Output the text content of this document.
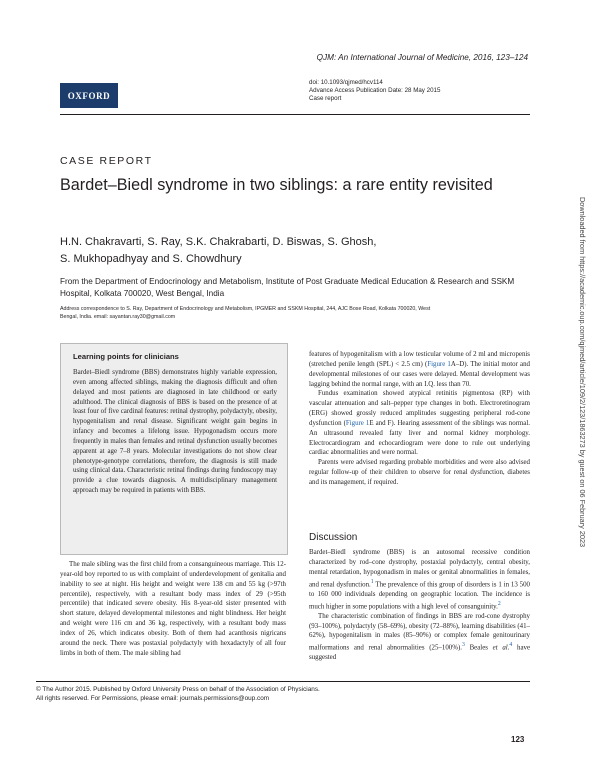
OXFORD
QJM: An International Journal of Medicine, 2016, 123–124
doi: 10.1093/qjmed/hcv114
Advance Access Publication Date: 28 May 2015
Case report
CASE REPORT
Bardet–Biedl syndrome in two siblings: a rare entity revisited
H.N. Chakravarti, S. Ray, S.K. Chakrabarti, D. Biswas, S. Ghosh,
S. Mukhopadhyay and S. Chowdhury
From the Department of Endocrinology and Metabolism, Institute of Post Graduate Medical Education & Research and SSKM Hospital, Kolkata 700020, West Bengal, India
Address correspondence to S. Ray, Department of Endocrinology and Metabolism, IPGMER and SSKM Hospital, 244, AJC Bose Road, Kolkata 700020, West
Bengal, India. email: sayantan.ray30@gmail.com	Downloaded from https://academic.oup.com/qjmed/article/109/2/123/1863273 by guest on 06 February 2023
Learning points for clinicians
Bardet–Biedl syndrome (BBS) demonstrates highly variable expression, even among affected siblings, making the diagnosis difficult and often delayed and most patients are diagnosed in late childhood or early adulthood. The clinical diagnosis of BBS is based on the presence of at least four of five cardinal features: retinal dystrophy, polydactyly, obesity, hypogenitalism and renal disease. Significant weight gain begins in infancy and becomes a lifelong issue. Hypogonadism occurs more frequently in males than females and retinal dysfunction usually becomes apparent at age 7–8 years. Molecular investigations do not show clear phenotype-genotype correlations, therefore, the diagnosis is still made using clinical data. Characteristic retinal findings during fundoscopy may provide a clue towards diagnosis. A multidisciplinary management approach may be required in patients with BBS.

The male sibling was the first child from a consanguineous marriage. This 12-year-old boy reported to us with complaint of underdevelopment of genitalia and inability to see at night. His height and weight were 138 cm and 55 kg (>97th percentile), respectively, with a resultant body mass index of 29 (>95th percentile) that indicated severe obesity. His 8-year-old sister presented with short stature, delayed developmental milestones and night blindness. Her height and weight were 116 cm and 36 kg, respectively, with a resultant body mass index of 26, which indicates obesity. Both of them had acanthosis nigricans around the neck. There was postaxial polydactyly with hexadactyly of all four limbs in both of them. The male sibling had

features of hypogenitalism with a low testicular volume of 2 ml and micropenis (stretched penile length (SPL) < 2.5 cm) (Figure 1A–D). The initial motor and developmental milestones of our cases were delayed. Mental development was lagging behind the normal range, with an I.Q. less than 70.

Fundus examination showed atypical retinitis pigmentosa (RP) with vascular attenuation and salt–pepper type changes in both. Electroretinogram (ERG) showed grossly reduced amplitudes suggesting peripheral rod-cone dysfunction (Figure 1E and F). Hearing assessment of the siblings was normal. An ultrasound revealed fatty liver and normal kidney morphology. Electrocardiogram and echocardiogram were done to rule out underlying cardiac abnormalities and were normal.

Parents were advised regarding probable morbidities and were also advised regular follow-up of their children to observe for renal dysfunction, diabetes and its management, if required.

Discussion

Bardet–Biedl syndrome (BBS) is an autosomal recessive condition characterized by rod–cone dystrophy, postaxial polydactyly, central obesity, mental retardation, hypogonadism in males or genital abnormalities in females, and renal dysfunction.$^1$ The prevalence of this group of disorders is 1 in 13 500 to 160 000 individuals depending on geographic location. The incidence is much higher in some populations with a high level of consanguinity.$^2$

The characteristic combination of findings in BBS are rod-cone dystrophy (93–100%), polydactyly (58–69%), obesity (72–88%), learning disabilities (41–62%), hypogenitalism in males (85–90%) or complex female genitourinary malformations and renal abnormalities (25–100%).$^3$ Beales et al.$^4$ have suggested

© The Author 2015. Published by Oxford University Press on behalf of the Association of Physicians.
All rights reserved. For Permissions, please email: journals.permissions@oup.com
123
